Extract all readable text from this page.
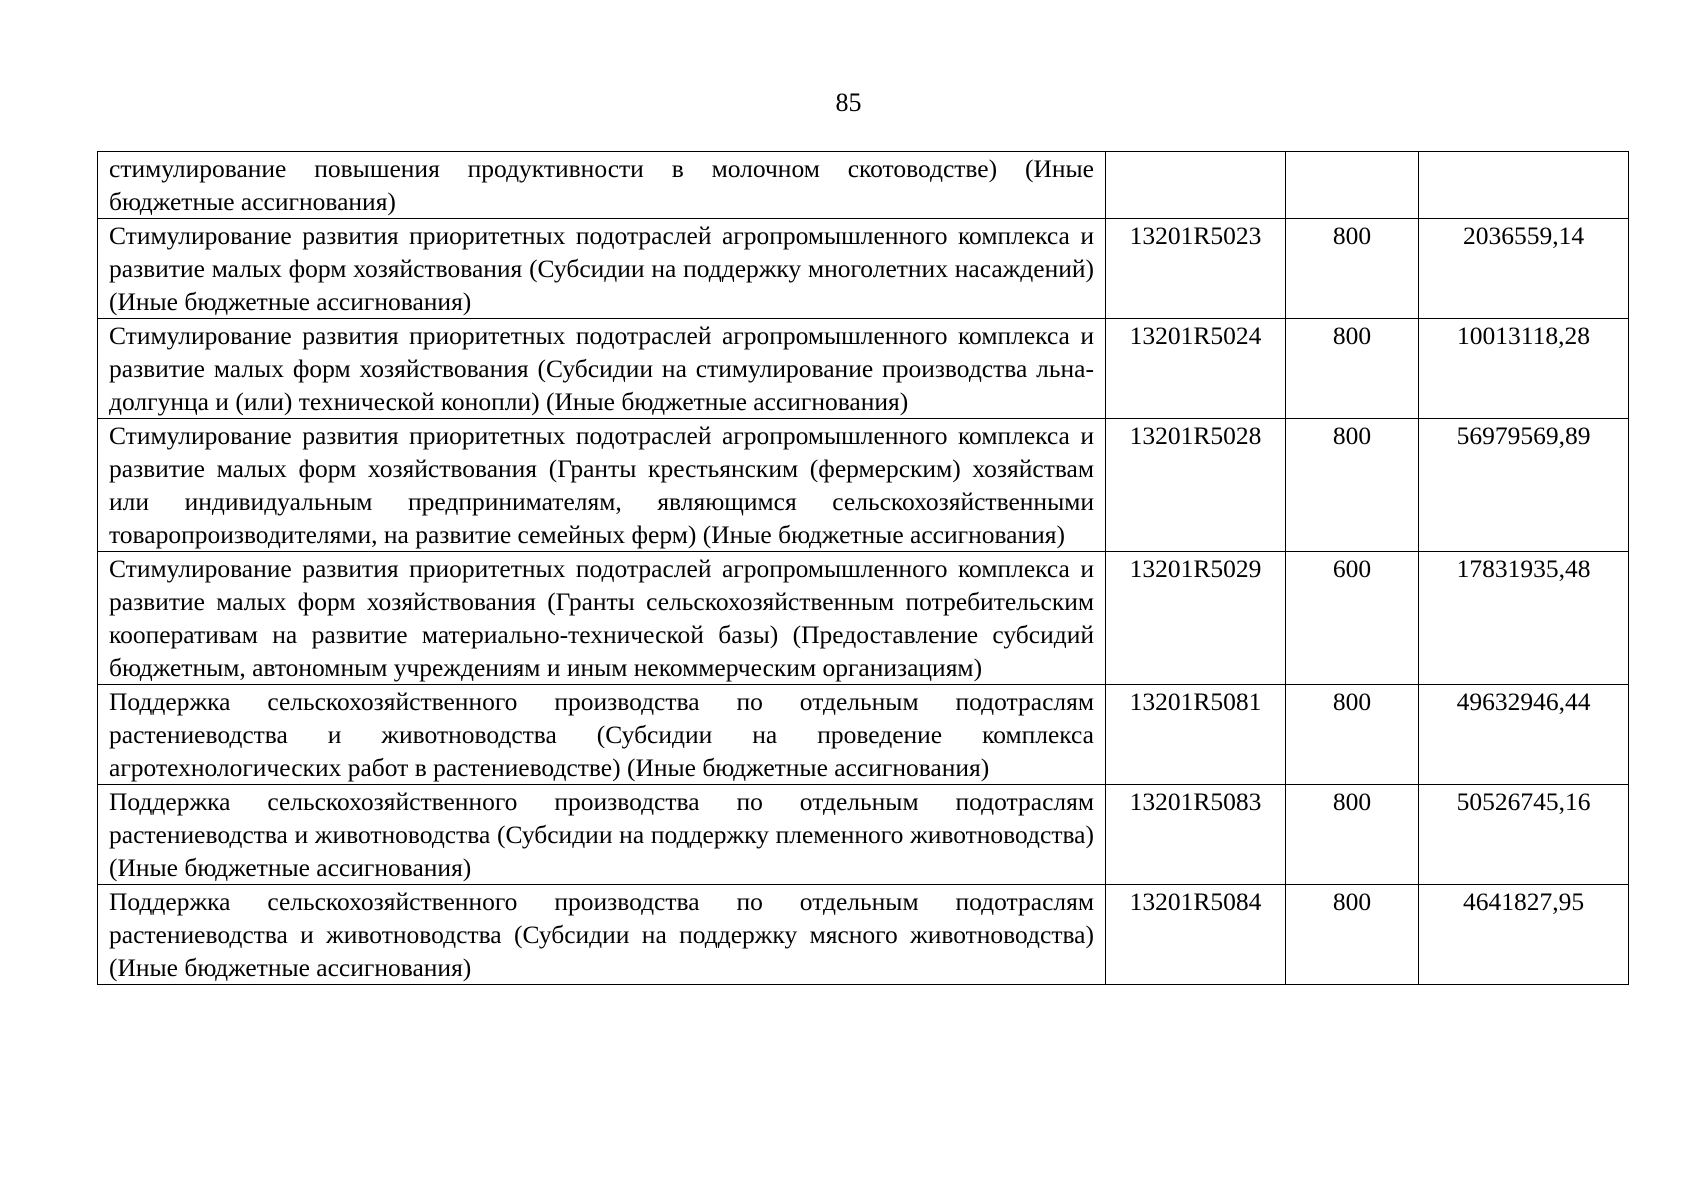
85
стимулирование повышения продуктивности в молочном скотоводстве) (Иные бюджетные ассигнования)			
Стимулирование развития приоритетных подотраслей агропромышленного комплекса и развитие малых форм хозяйствования (Субсидии на поддержку многолетних насаждений) (Иные бюджетные ассигнования)	13201R5023	800	2036559,14
Стимулирование развития приоритетных подотраслей агропромышленного комплекса и развитие малых форм хозяйствования (Субсидии на стимулирование производства льна-долгунца и (или) технической конопли) (Иные бюджетные ассигнования)	13201R5024	800	10013118,28
Стимулирование развития приоритетных подотраслей агропромышленного комплекса и развитие малых форм хозяйствования (Гранты крестьянским (фермерским) хозяйствам или индивидуальным предпринимателям, являющимся сельскохозяйственными товаропроизводителями, на развитие семейных ферм) (Иные бюджетные ассигнования)	13201R5028	800	56979569,89
Стимулирование развития приоритетных подотраслей агропромышленного комплекса и развитие малых форм хозяйствования (Гранты сельскохозяйственным потребительским кооперативам на развитие материально-технической базы) (Предоставление субсидий бюджетным, автономным учреждениям и иным некоммерческим организациям)	13201R5029	600	17831935,48
Поддержка сельскохозяйственного производства по отдельным подотраслям растениеводства и животноводства (Субсидии на проведение комплекса агротехнологических работ в растениеводстве) (Иные бюджетные ассигнования)	13201R5081	800	49632946,44
Поддержка сельскохозяйственного производства по отдельным подотраслям растениеводства и животноводства (Субсидии на поддержку племенного животноводства) (Иные бюджетные ассигнования)	13201R5083	800	50526745,16
Поддержка сельскохозяйственного производства по отдельным подотраслям растениеводства и животноводства (Субсидии на поддержку мясного животноводства) (Иные бюджетные ассигнования)	13201R5084	800	4641827,95
